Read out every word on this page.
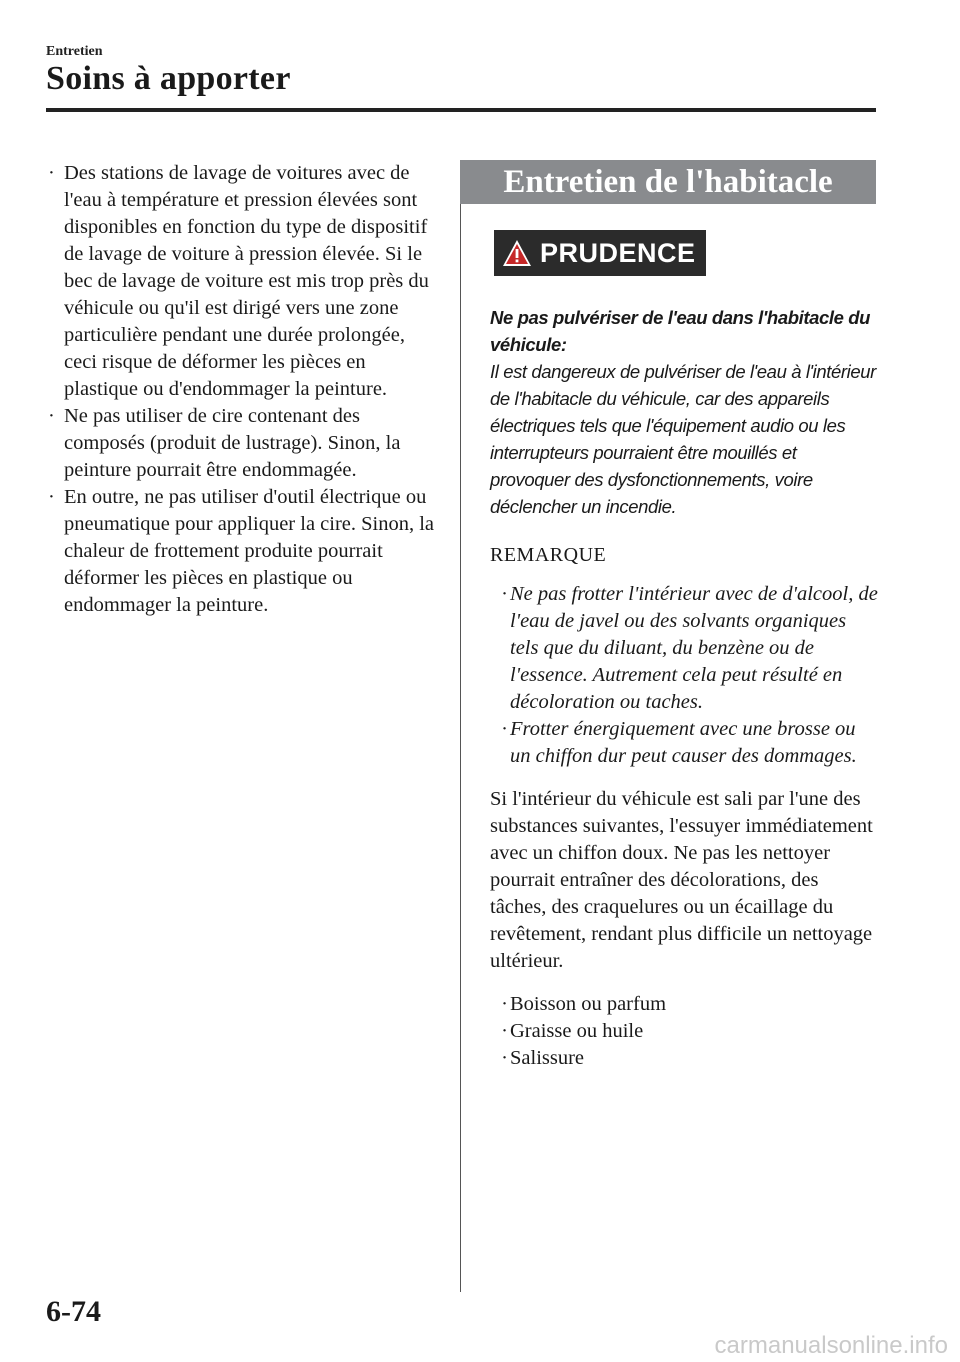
Entretien
Soins à apporter
· Des stations de lavage de voitures avec de l'eau à température et pression élevées sont disponibles en fonction du type de dispositif de lavage de voiture à pression élevée. Si le bec de lavage de voiture est mis trop près du véhicule ou qu'il est dirigé vers une zone particulière pendant une durée prolongée, ceci risque de déformer les pièces en plastique ou d'endommager la peinture.
· Ne pas utiliser de cire contenant des composés (produit de lustrage). Sinon, la peinture pourrait être endommagée.
· En outre, ne pas utiliser d'outil électrique ou pneumatique pour appliquer la cire. Sinon, la chaleur de frottement produite pourrait déformer les pièces en plastique ou endommager la peinture.
Entretien de l'habitacle
PRUDENCE
Ne pas pulvériser de l'eau dans l'habitacle du véhicule:
Il est dangereux de pulvériser de l'eau à l'intérieur de l'habitacle du véhicule, car des appareils électriques tels que l'équipement audio ou les interrupteurs pourraient être mouillés et provoquer des dysfonctionnements, voire déclencher un incendie.
REMARQUE
· Ne pas frotter l'intérieur avec de d'alcool, de l'eau de javel ou des solvants organiques tels que du diluant, du benzène ou de l'essence. Autrement cela peut résulté en décoloration ou taches.
· Frotter énergiquement avec une brosse ou un chiffon dur peut causer des dommages.
Si l'intérieur du véhicule est sali par l'une des substances suivantes, l'essuyer immédiatement avec un chiffon doux. Ne pas les nettoyer pourrait entraîner des décolorations, des tâches, des craquelures ou un écaillage du revêtement, rendant plus difficile un nettoyage ultérieur.
· Boisson ou parfum
· Graisse ou huile
· Salissure
6-74
carmanualsonline.info
